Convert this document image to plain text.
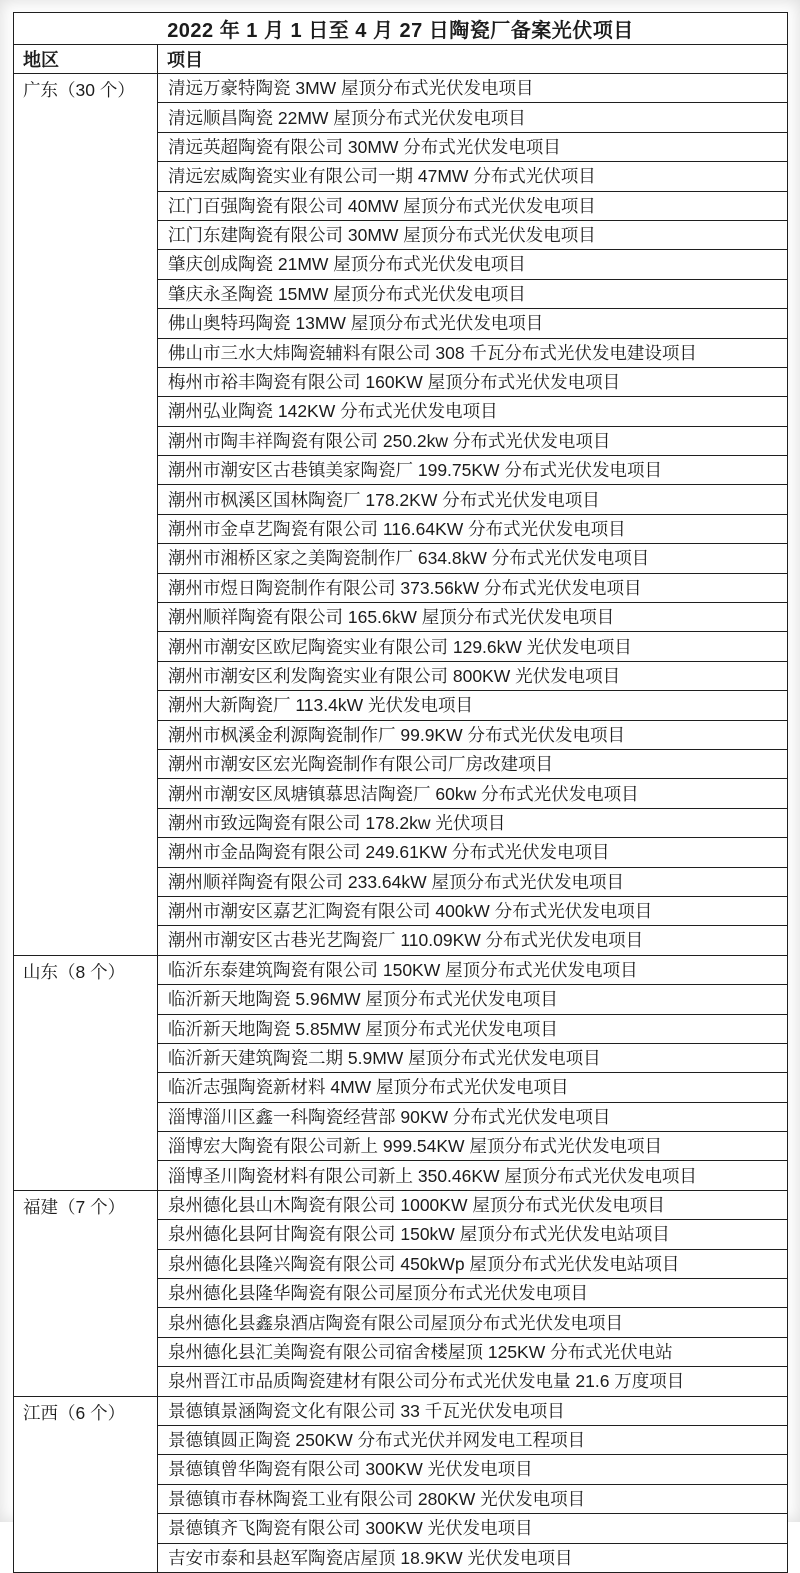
2022 年 1 月 1 日至 4 月 27 日陶瓷厂备案光伏项目	
地区	项目
广东（30 个）	清远万豪特陶瓷 3MW 屋顶分布式光伏发电项目
	清远顺昌陶瓷 22MW 屋顶分布式光伏发电项目
	清远英超陶瓷有限公司 30MW 分布式光伏发电项目
	清远宏威陶瓷实业有限公司一期 47MW 分布式光伏项目
	江门百强陶瓷有限公司 40MW 屋顶分布式光伏发电项目
	江门东建陶瓷有限公司 30MW 屋顶分布式光伏发电项目
	肇庆创成陶瓷 21MW 屋顶分布式光伏发电项目
	肇庆永圣陶瓷 15MW 屋顶分布式光伏发电项目
	佛山奥特玛陶瓷 13MW 屋顶分布式光伏发电项目
	佛山市三水大炜陶瓷辅料有限公司 308 千瓦分布式光伏发电建设项目
	梅州市裕丰陶瓷有限公司 160KW 屋顶分布式光伏发电项目
	潮州弘业陶瓷 142KW 分布式光伏发电项目
	潮州市陶丰祥陶瓷有限公司 250.2kw 分布式光伏发电项目
	潮州市潮安区古巷镇美家陶瓷厂 199.75KW 分布式光伏发电项目
	潮州市枫溪区国林陶瓷厂 178.2KW 分布式光伏发电项目
	潮州市金卓艺陶瓷有限公司 116.64KW 分布式光伏发电项目
	潮州市湘桥区家之美陶瓷制作厂 634.8kW 分布式光伏发电项目
	潮州市煜日陶瓷制作有限公司 373.56kW 分布式光伏发电项目
	潮州顺祥陶瓷有限公司 165.6kW 屋顶分布式光伏发电项目
	潮州市潮安区欧尼陶瓷实业有限公司 129.6kW 光伏发电项目
	潮州市潮安区利发陶瓷实业有限公司 800KW 光伏发电项目
	潮州大新陶瓷厂 113.4kW 光伏发电项目
	潮州市枫溪金利源陶瓷制作厂 99.9KW 分布式光伏发电项目
	潮州市潮安区宏光陶瓷制作有限公司厂房改建项目
	潮州市潮安区凤塘镇慕思洁陶瓷厂 60kw 分布式光伏发电项目
	潮州市致远陶瓷有限公司 178.2kw 光伏项目
	潮州市金品陶瓷有限公司 249.61KW 分布式光伏发电项目
	潮州顺祥陶瓷有限公司 233.64kW 屋顶分布式光伏发电项目
	潮州市潮安区嘉艺汇陶瓷有限公司 400kW 分布式光伏发电项目
	潮州市潮安区古巷光艺陶瓷厂 110.09KW 分布式光伏发电项目
山东（8 个）	临沂东泰建筑陶瓷有限公司 150KW 屋顶分布式光伏发电项目
	临沂新天地陶瓷 5.96MW 屋顶分布式光伏发电项目
	临沂新天地陶瓷 5.85MW 屋顶分布式光伏发电项目
	临沂新天建筑陶瓷二期 5.9MW 屋顶分布式光伏发电项目
	临沂志强陶瓷新材料 4MW 屋顶分布式光伏发电项目
	淄博淄川区鑫一科陶瓷经营部 90KW 分布式光伏发电项目
	淄博宏大陶瓷有限公司新上 999.54KW 屋顶分布式光伏发电项目
	淄博圣川陶瓷材料有限公司新上 350.46KW 屋顶分布式光伏发电项目
福建（7 个）	泉州德化县山木陶瓷有限公司 1000KW 屋顶分布式光伏发电项目
	泉州德化县阿甘陶瓷有限公司 150kW 屋顶分布式光伏发电站项目
	泉州德化县隆兴陶瓷有限公司 450kWp 屋顶分布式光伏发电站项目
	泉州德化县隆华陶瓷有限公司屋顶分布式光伏发电项目
	泉州德化县鑫泉酒店陶瓷有限公司屋顶分布式光伏发电项目
	泉州德化县汇美陶瓷有限公司宿舍楼屋顶 125KW 分布式光伏电站
	泉州晋江市品质陶瓷建材有限公司分布式光伏发电量 21.6 万度项目
江西（6 个）	景德镇景涵陶瓷文化有限公司 33 千瓦光伏发电项目
	景德镇圆正陶瓷 250KW 分布式光伏并网发电工程项目
	景德镇曾华陶瓷有限公司 300KW 光伏发电项目
	景德镇市春林陶瓷工业有限公司 280KW 光伏发电项目
	景德镇齐飞陶瓷有限公司 300KW 光伏发电项目
	吉安市泰和县赵军陶瓷店屋顶 18.9KW 光伏发电项目
